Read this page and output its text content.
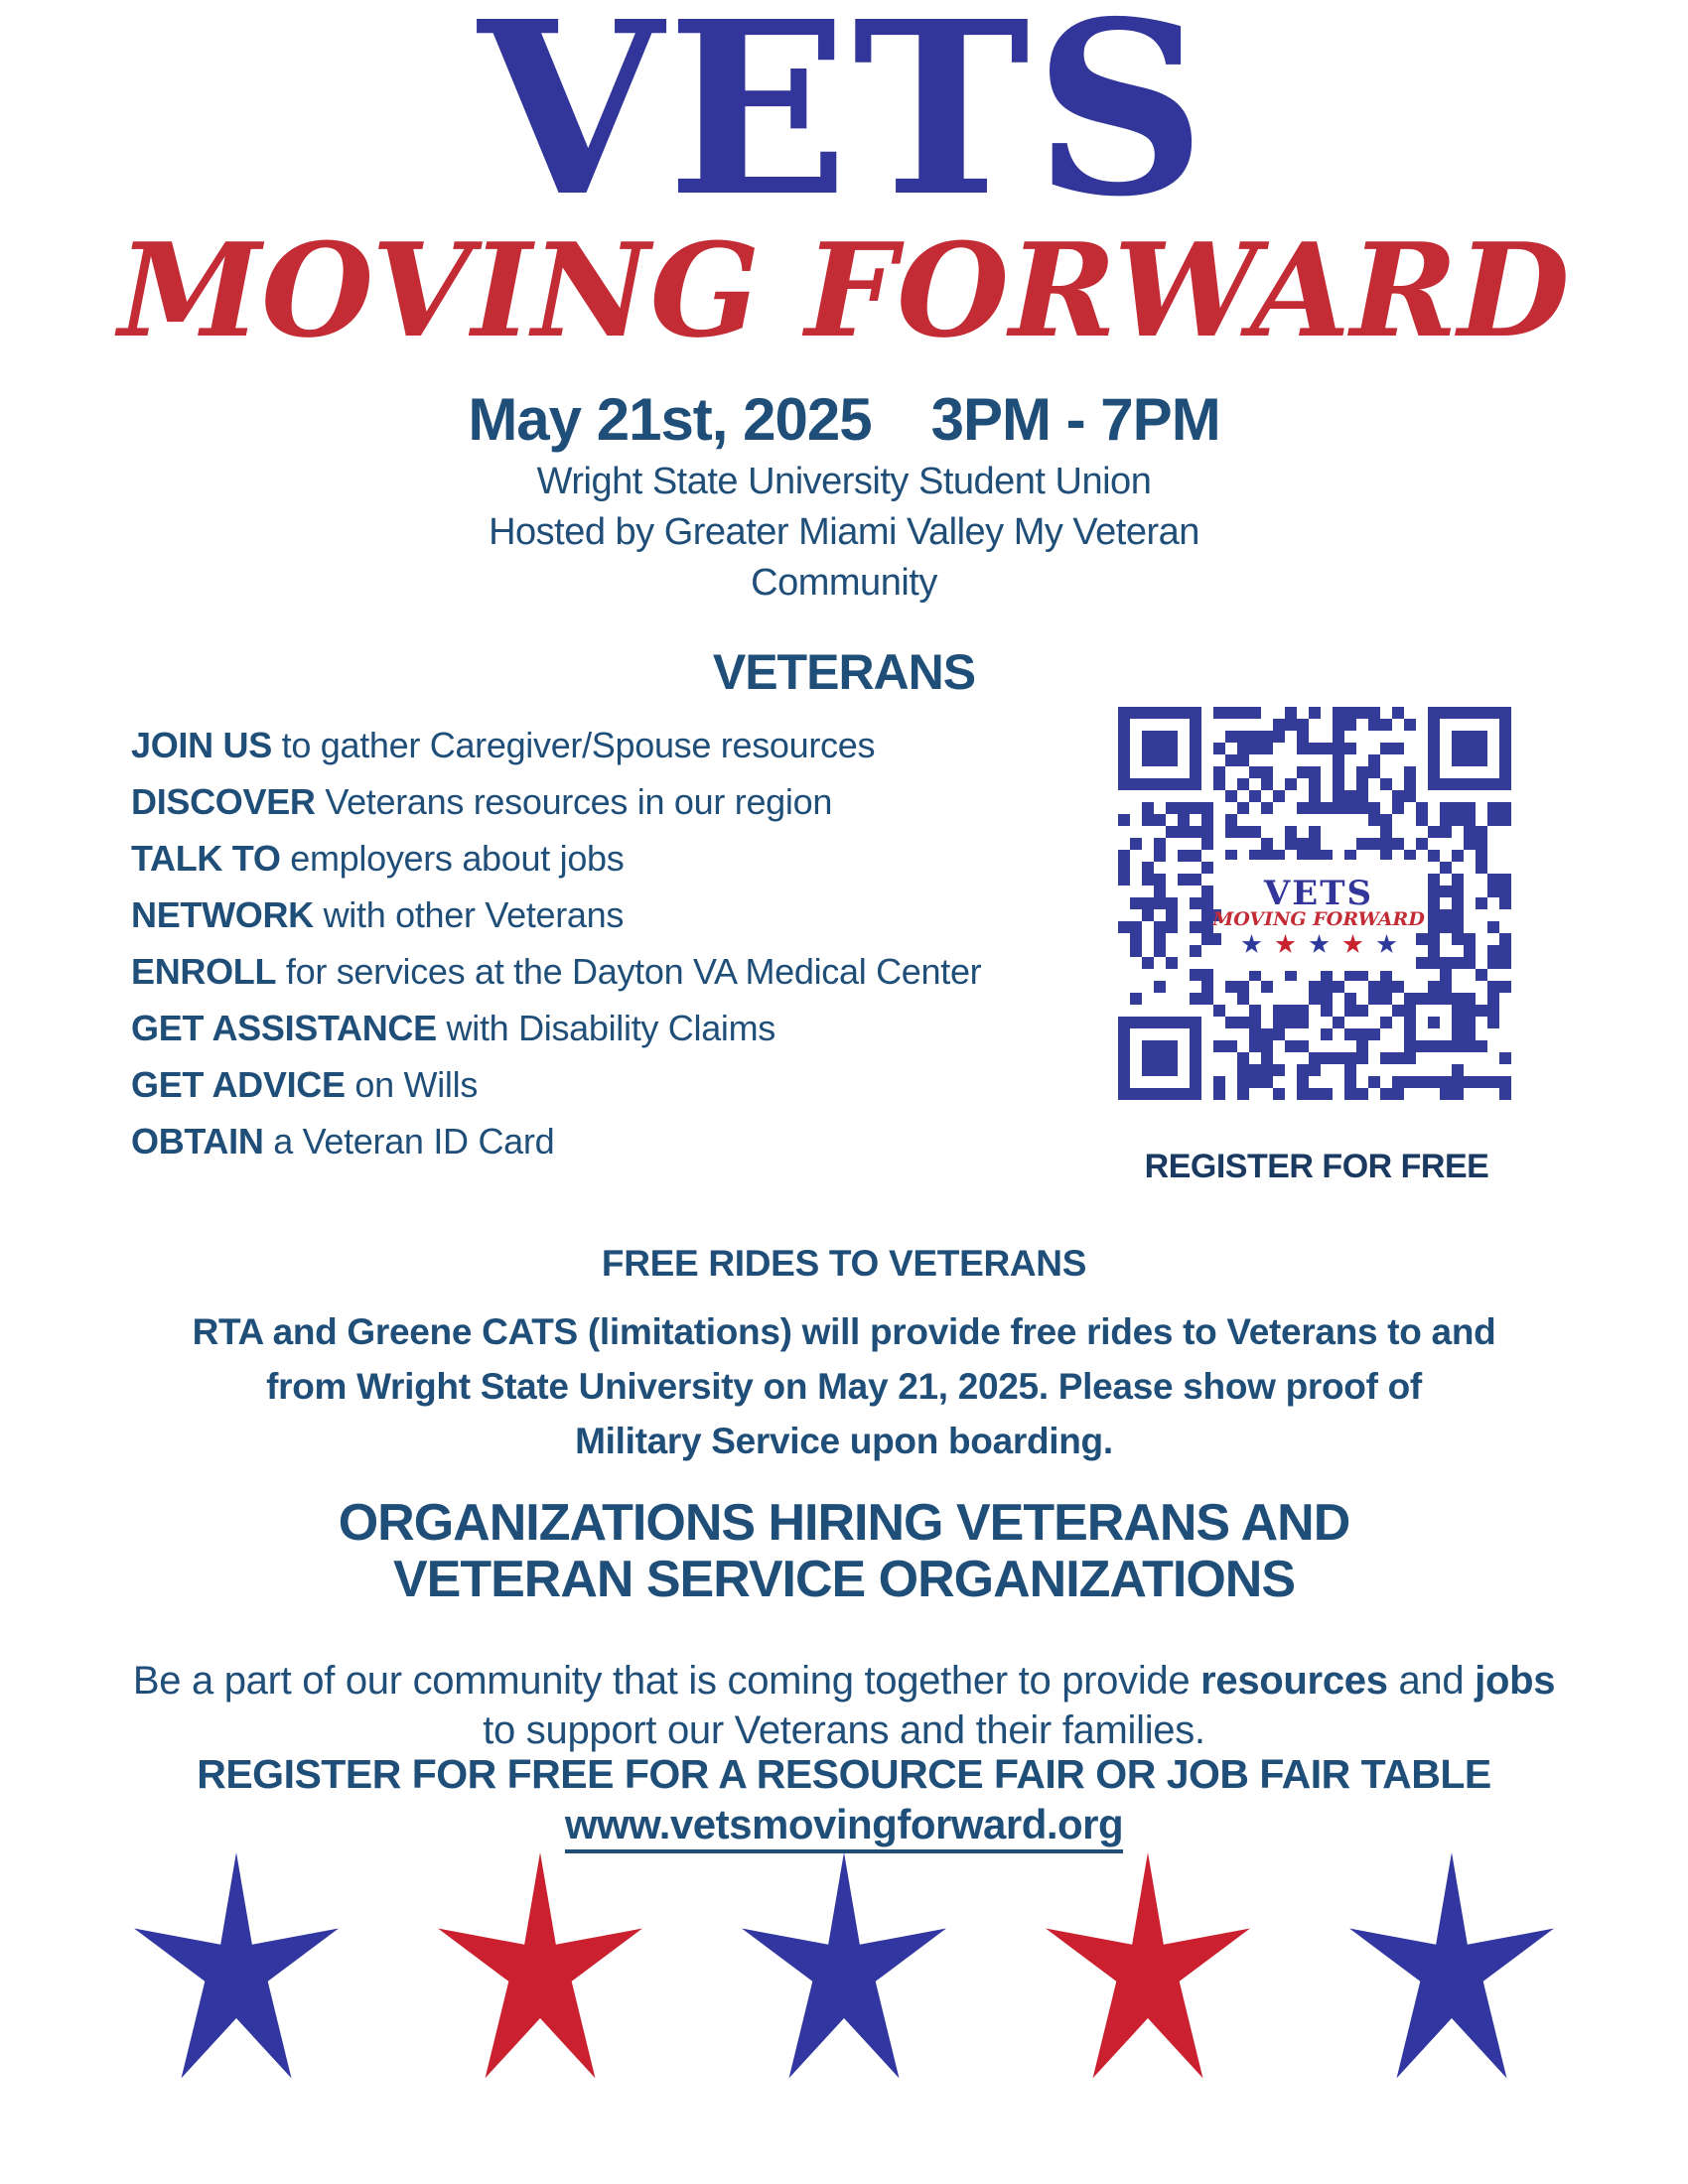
VETS
MOVING FORWARD
May 21st, 2025 3PM - 7PM
Wright State University Student Union
Hosted by Greater Miami Valley My Veteran
Community
VETERANS
JOIN US to gather Caregiver/Spouse resources
DISCOVER Veterans resources in our region
TALK TO employers about jobs
NETWORK with other Veterans
ENROLL for services at the Dayton VA Medical Center
GET ASSISTANCE with Disability Claims
GET ADVICE on Wills
OBTAIN a Veteran ID Card
VETS
MOVING FORWARD
REGISTER FOR FREE
FREE RIDES TO VETERANS
RTA and Greene CATS (limitations) will provide free rides to Veterans to and
from Wright State University on May 21, 2025. Please show proof of
Military Service upon boarding.
ORGANIZATIONS HIRING VETERANS AND
VETERAN SERVICE ORGANIZATIONS
Be a part of our community that is coming together to provide resources and jobs
to support our Veterans and their families.
REGISTER FOR FREE FOR A RESOURCE FAIR OR JOB FAIR TABLE
www.vetsmovingforward.org
